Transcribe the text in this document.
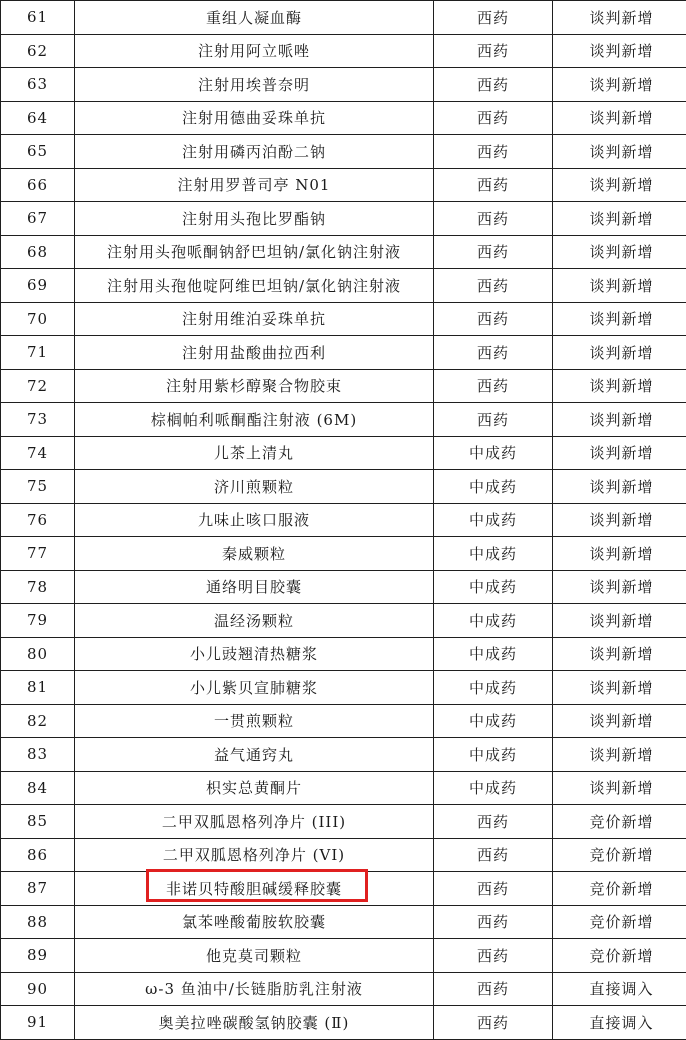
61	重组人凝血酶	西药	谈判新增
62	注射用阿立哌唑	西药	谈判新增
63	注射用埃普奈明	西药	谈判新增
64	注射用德曲妥珠单抗	西药	谈判新增
65	注射用磷丙泊酚二钠	西药	谈判新增
66	注射用罗普司亭 N01	西药	谈判新增
67	注射用头孢比罗酯钠	西药	谈判新增
68	注射用头孢哌酮钠舒巴坦钠/氯化钠注射液	西药	谈判新增
69	注射用头孢他啶阿维巴坦钠/氯化钠注射液	西药	谈判新增
70	注射用维泊妥珠单抗	西药	谈判新增
71	注射用盐酸曲拉西利	西药	谈判新增
72	注射用紫杉醇聚合物胶束	西药	谈判新增
73	棕榈帕利哌酮酯注射液 (6M)	西药	谈判新增
74	儿茶上清丸	中成药	谈判新增
75	济川煎颗粒	中成药	谈判新增
76	九味止咳口服液	中成药	谈判新增
77	秦威颗粒	中成药	谈判新增
78	通络明目胶囊	中成药	谈判新增
79	温经汤颗粒	中成药	谈判新增
80	小儿豉翘清热糖浆	中成药	谈判新增
81	小儿紫贝宣肺糖浆	中成药	谈判新增
82	一贯煎颗粒	中成药	谈判新增
83	益气通窍丸	中成药	谈判新增
84	枳实总黄酮片	中成药	谈判新增
85	二甲双胍恩格列净片 (III)	西药	竞价新增
86	二甲双胍恩格列净片 (VI)	西药	竞价新增
87	非诺贝特酸胆碱缓释胶囊	西药	竞价新增
88	氯苯唑酸葡胺软胶囊	西药	竞价新增
89	他克莫司颗粒	西药	竞价新增
90	ω-3 鱼油中/长链脂肪乳注射液	西药	直接调入
91	奥美拉唑碳酸氢钠胶囊 (Ⅱ)	西药	直接调入
